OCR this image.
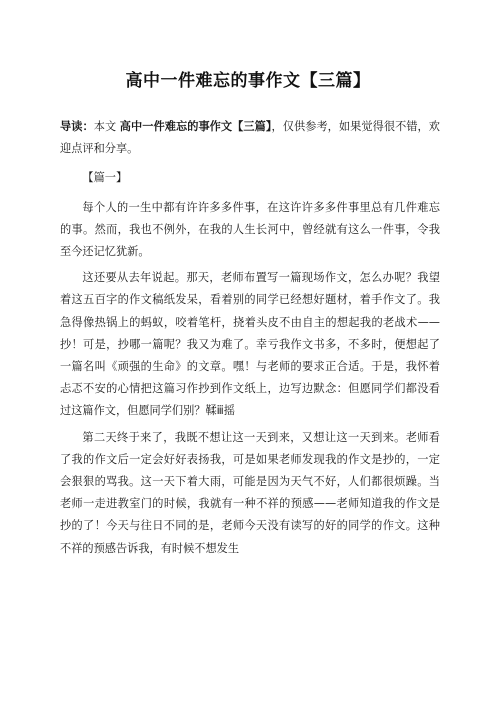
高中一件难忘的事作文【三篇】

导读：本文 高中一件难忘的事作文【三篇】，仅供参考，如果觉得很不错，欢迎点评和分享。

【篇一】

每个人的一生中都有许许多多件事，在这许许多多件事里总有几件难忘的事。然而，我也不例外，在我的人生长河中，曾经就有这么一件事，令我至今还记忆犹新。

这还要从去年说起。那天，老师布置写一篇现场作文，怎么办呢？我望着这五百字的作文稿纸发呆，看着别的同学已经想好题材，着手作文了。我急得像热锅上的蚂蚁，咬着笔杆，挠着头皮不由自主的想起我的老战术——抄！可是，抄哪一篇呢？我又为难了。幸亏我作文书多，不多时，便想起了一篇名叫《顽强的生命》的文章。嘿！与老师的要求正合适。于是，我怀着忐忑不安的心情把这篇习作抄到作文纸上，边写边默念：但愿同学们都没看过这篇作文，但愿同学们别？鞣ⅲ摇

第二天终于来了，我既不想让这一天到来，又想让这一天到来。老师看了我的作文后一定会好好表扬我，可是如果老师发现我的作文是抄的，一定会狠狠的骂我。这一天下着大雨，可能是因为天气不好，人们都很烦躁。当老师一走进教室门的时候，我就有一种不祥的预感——老师知道我的作文是抄的了！今天与往日不同的是，老师今天没有读写的好的同学的作文。这种不祥的预感告诉我，有时候不想发生
